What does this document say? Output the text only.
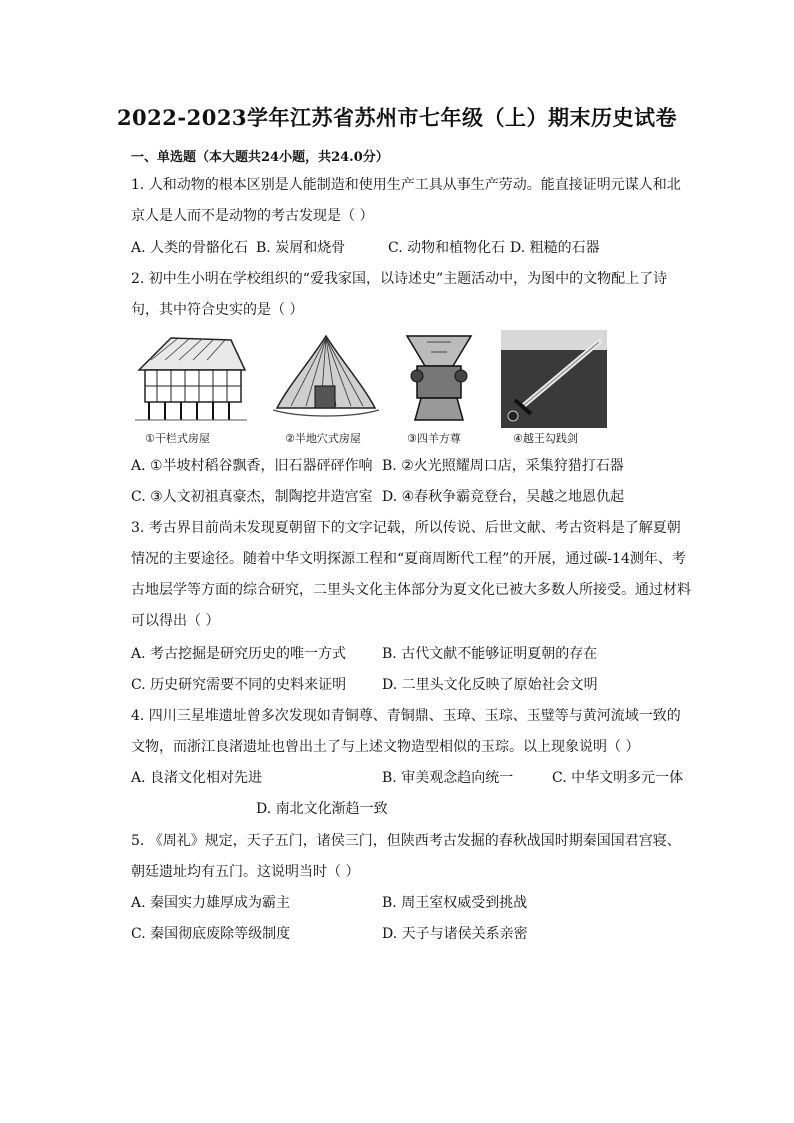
2022-2023学年江苏省苏州市七年级（上）期末历史试卷
一、单选题（本大题共24小题，共24.0分）
1. 人和动物的根本区别是人能制造和使用生产工具从事生产劳动。能直接证明元谋人和北
京人是人而不是动物的考古发现是（ ）
A. 人类的骨骼化石 B. 炭屑和烧骨	C. 动物和植物化石 D. 粗糙的石器
2. 初中生小明在学校组织的“爱我家国，以诗述史”主题活动中，为图中的文物配上了诗
句，其中符合史实的是（ ）
①干栏式房屋	②半地穴式房屋	③四羊方尊	④越王勾践剑
A. ①半坡村稻谷飘香，旧石器砰砰作响 B. ②火光照耀周口店，采集狩猎打石器
C. ③人文初祖真豪杰，制陶挖井造宫室 D. ④春秋争霸竞登台，吴越之地恩仇起
3. 考古界目前尚未发现夏朝留下的文字记载，所以传说、后世文献、考古资料是了解夏朝
情况的主要途径。随着中华文明探源工程和“夏商周断代工程”的开展，通过碳-14测年、考
古地层学等方面的综合研究，二里头文化主体部分为夏文化已被大多数人所接受。通过材料
可以得出（ ）
A. 考古挖掘是研究历史的唯一方式	B. 古代文献不能够证明夏朝的存在
C. 历史研究需要不同的史料来证明	D. 二里头文化反映了原始社会文明
4. 四川三星堆遗址曾多次发现如青铜尊、青铜鼎、玉璋、玉琮、玉璧等与黄河流域一致的
文物，而浙江良渚遗址也曾出土了与上述文物造型相似的玉琮。以上现象说明（ ）
A. 良渚文化相对先进	B. 审美观念趋向统一	C. 中华文明多元一体
D. 南北文化渐趋一致
5. 《周礼》规定，天子五门，诸侯三门，但陕西考古发掘的春秋战国时期秦国国君宫寝、
朝廷遗址均有五门。这说明当时（ ）
A. 秦国实力雄厚成为霸主	B. 周王室权威受到挑战
C. 秦国彻底废除等级制度	D. 天子与诸侯关系亲密
